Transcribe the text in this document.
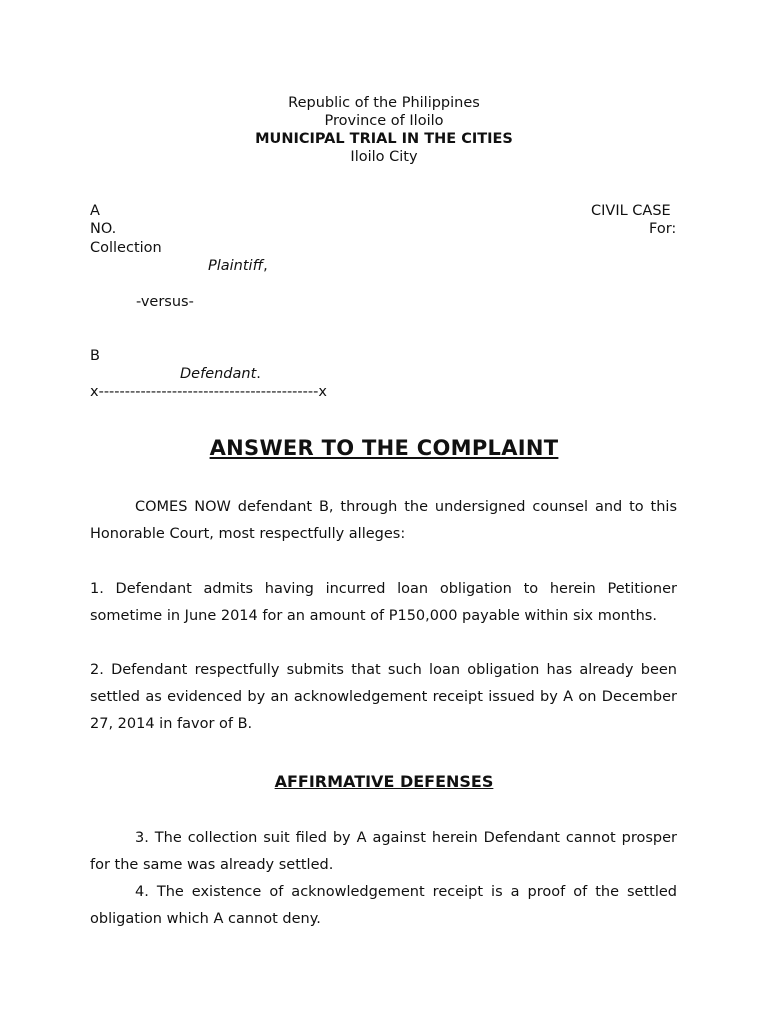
Republic of the Philippines
Province of Iloilo
MUNICIPAL TRIAL IN THE CITIES
Iloilo City
A	CIVIL CASE
NO.	For:
Collection
Plaintiff,
-versus-
B
Defendant.
x------------------------------------------x
ANSWER TO THE COMPLAINT
COMES NOW defendant B, through the undersigned counsel and to this Honorable Court, most respectfully alleges:
1. Defendant admits having incurred loan obligation to herein Petitioner sometime in June 2014 for an amount of P150,000 payable within six months.
2. Defendant respectfully submits that such loan obligation has already been settled as evidenced by an acknowledgement receipt issued by A on December 27, 2014 in favor of B.
AFFIRMATIVE DEFENSES
3. The collection suit filed by A against herein Defendant cannot prosper for the same was already settled.
4. The existence of acknowledgement receipt is a proof of the settled obligation which A cannot deny.
